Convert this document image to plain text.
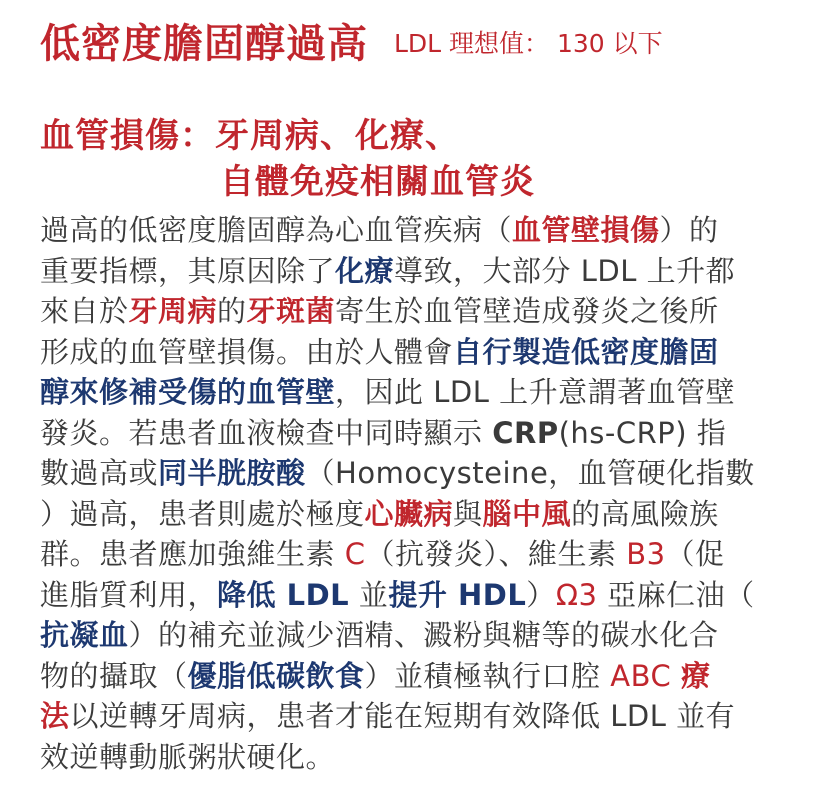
低密度膽固醇過高 LDL 理想值： 130 以下
血管損傷：牙周病、化療、
自體免疫相關血管炎
過高的低密度膽固醇為心血管疾病（血管壁損傷）的
重要指標，其原因除了化療導致，大部分 LDL 上升都
來自於牙周病的牙斑菌寄生於血管壁造成發炎之後所
形成的血管壁損傷。由於人體會自行製造低密度膽固
醇來修補受傷的血管壁，因此 LDL 上升意謂著血管壁
發炎。若患者血液檢查中同時顯示 CRP(hs-CRP) 指
數過高或同半胱胺酸（Homocysteine，血管硬化指數
）過高，患者則處於極度心臟病與腦中風的高風險族
群。患者應加強維生素 C（抗發炎）、維生素 B3（促
進脂質利用，降低 LDL 並提升 HDL）Ω3 亞麻仁油（
抗凝血）的補充並減少酒精、澱粉與糖等的碳水化合
物的攝取（優脂低碳飲食）並積極執行口腔 ABC 療
法以逆轉牙周病，患者才能在短期有效降低 LDL 並有
效逆轉動脈粥狀硬化。
